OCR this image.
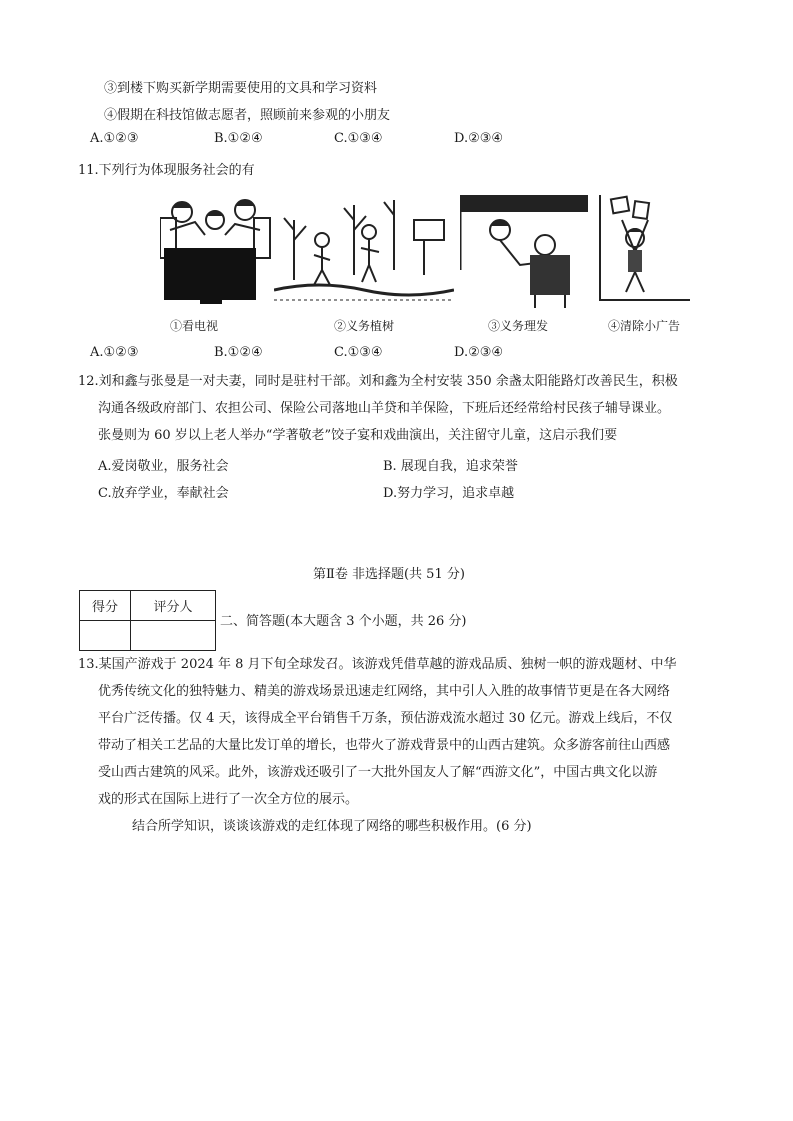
③到楼下购买新学期需要使用的文具和学习资料
④假期在科技馆做志愿者，照顾前来参观的小朋友
A.①②③	B.①②④	C.①③④	D.②③④
11.下列行为体现服务社会的有
①看电视	②义务植树	③义务理发	④清除小广告
A.①②③	B.①②④	C.①③④	D.②③④
12.刘和鑫与张曼是一对夫妻，同时是驻村干部。刘和鑫为全村安装 350 余盏太阳能路灯改善民生，积极
沟通各级政府部门、农担公司、保险公司落地山羊贷和羊保险，下班后还经常给村民孩子辅导课业。
张曼则为 60 岁以上老人举办“学著敬老”饺子宴和戏曲演出，关注留守儿童，这启示我们要
A.爱岗敬业，服务社会	B. 展现自我，追求荣誉
C.放弃学业，奉献社会	D.努力学习，追求卓越
第Ⅱ卷 非选择题(共 51 分)
得分	评分人

二、简答题(本大题含 3 个小题，共 26 分)
13.某国产游戏于 2024 年 8 月下旬全球发召。该游戏凭借草越的游戏品质、独树一帜的游戏题材、中华
优秀传统文化的独特魅力、精美的游戏场景迅速走红网络，其中引人入胜的故事情节更是在各大网络
平台广泛传播。仅 4 天，该得成全平台销售千万条，预估游戏流水超过 30 亿元。游戏上线后，不仅
带动了相关工艺品的大量比发订单的增长，也带火了游戏背景中的山西古建筑。众多游客前往山西感
受山西古建筑的风采。此外，该游戏还吸引了一大批外国友人了解“西游文化”，中国古典文化以游
戏的形式在国际上进行了一次全方位的展示。
结合所学知识，谈谈该游戏的走红体现了网络的哪些积极作用。(6 分)
